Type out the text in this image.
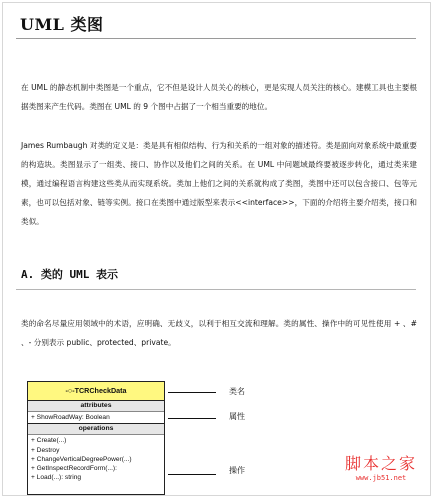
UML 类图

在 UML 的静态机制中类图是一个重点，它不但是设计人员关心的核心，更是实现人员关注的核心。建模工具也主要根据类图来产生代码。类图在 UML 的 9 个图中占据了一个相当重要的地位。

James Rumbaugh 对类的定义是：类是具有相似结构、行为和关系的一组对象的描述符。类是面向对象系统中最重要的构造块。类图显示了一组类、接口、协作以及他们之间的关系。在 UML 中问题域最终要被逐步转化，通过类来建模，通过编程语言构建这些类从而实现系统。类加上他们之间的关系就构成了类图，类图中还可以包含接口、包等元素，也可以包括对象、链等实例。接口在类图中通过版型来表示<<interface>>，下面的介绍将主要介绍类，接口和类似。

A. 类的 UML 表示

类的命名尽量应用领域中的术语，应明确、无歧义，以利于相互交流和理解。类的属性、操作中的可见性使用 + 、# 、- 分别表示 public、protected、private。

-○-TCRCheckData
attributes
+ ShowRoadWay: Boolean
operations
+ Create(...)
+ Destroy
+ ChangeVerticalDegreePower(...)
+ GetInspectRecordForm(...):
+ Load(...): string
类名
属性
操作	脚本之家
www.jb51.net
